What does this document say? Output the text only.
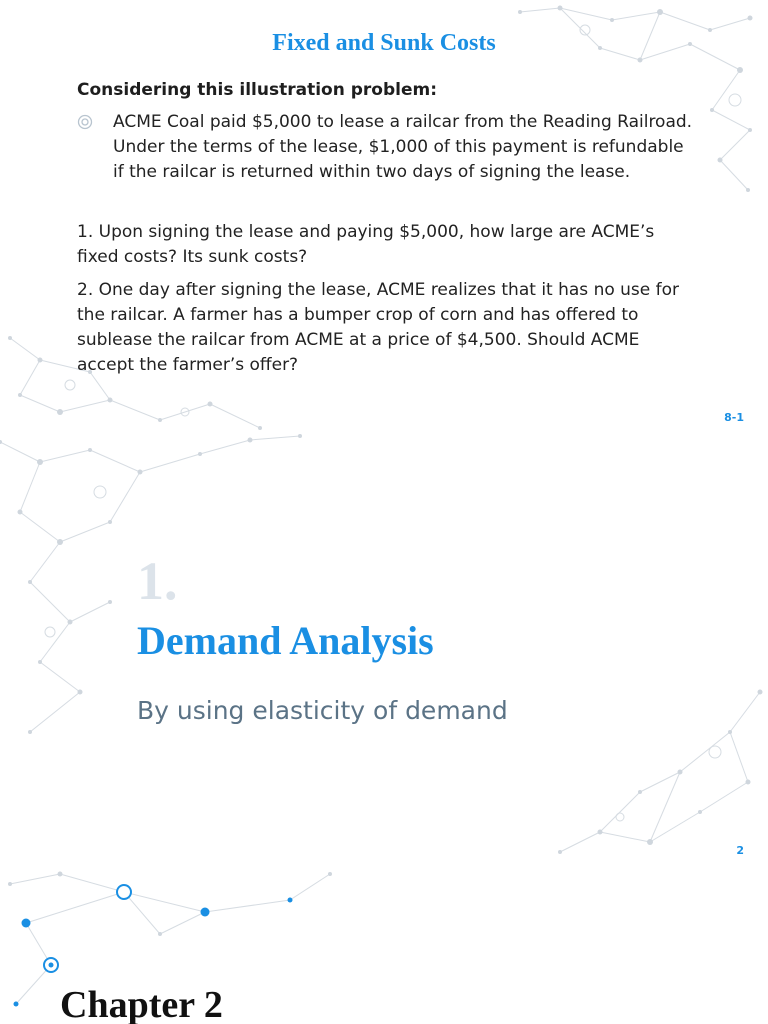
Fixed and Sunk Costs
Considering this illustration problem:
ACME Coal paid $5,000 to lease a railcar from the Reading Railroad. Under the terms of the lease, $1,000 of this payment is refundable if the railcar is returned within two days of signing the lease.
1. Upon signing the lease and paying $5,000, how large are ACME’s fixed costs? Its sunk costs?
2. One day after signing the lease, ACME realizes that it has no use for the railcar. A farmer has a bumper crop of corn and has offered to sublease the railcar from ACME at a price of $4,500. Should ACME accept the farmer’s offer?
8-1
1.
Demand Analysis
By using elasticity of demand
2
Chapter 2
